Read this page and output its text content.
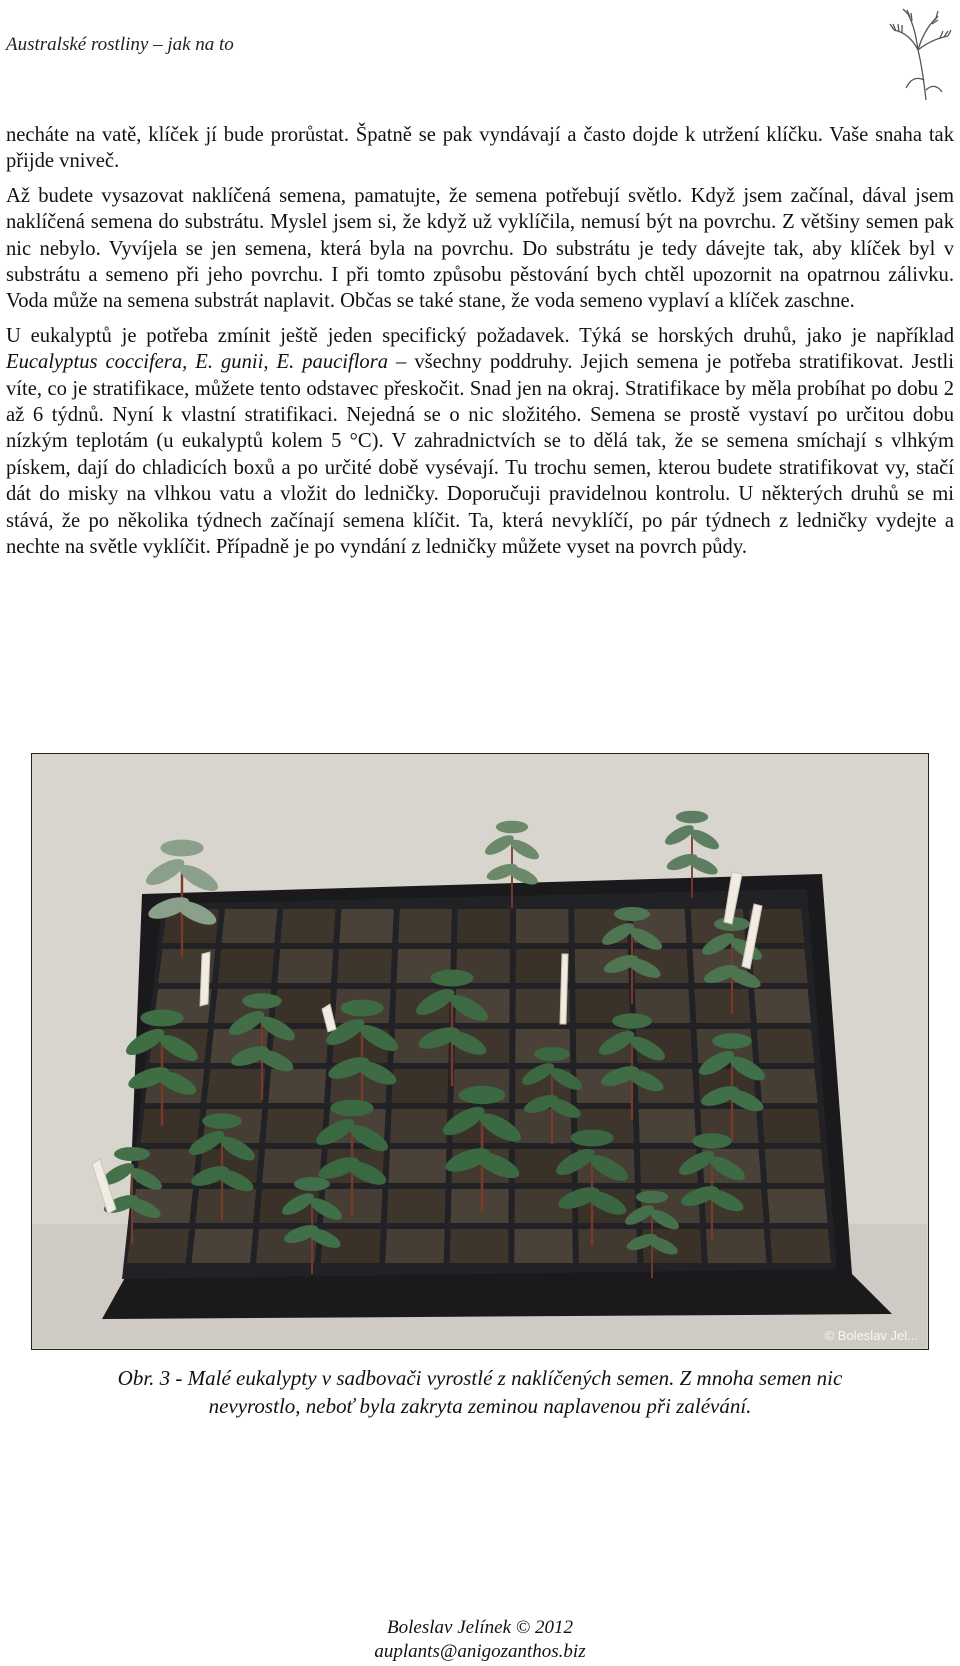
Australské rostliny – jak na to

necháte na vatě, klíček jí bude prorůstat. Špatně se pak vyndávají a často dojde k utržení klíčku. Vaše snaha tak přijde vniveč.

Až budete vysazovat naklíčená semena, pamatujte, že semena potřebují světlo. Když jsem začínal, dával jsem naklíčená semena do substrátu. Myslel jsem si, že když už vyklíčila, nemusí být na povrchu. Z většiny semen pak nic nebylo. Vyvíjela se jen semena, která byla na povrchu. Do substrátu je tedy dávejte tak, aby klíček byl v substrátu a semeno při jeho povrchu. I při tomto způsobu pěstování bych chtěl upozornit na opatrnou zálivku. Voda může na semena substrát naplavit. Občas se také stane, že voda semeno vyplaví a klíček zaschne.

U eukalyptů je potřeba zmínit ještě jeden specifický požadavek. Týká se horských druhů, jako je například Eucalyptus coccifera, E. gunii, E. pauciflora – všechny poddruhy. Jejich semena je potřeba stratifikovat. Jestli víte, co je stratifikace, můžete tento odstavec přeskočit. Snad jen na okraj. Stratifikace by měla probíhat po dobu 2 až 6 týdnů. Nyní k vlastní stratifikaci. Nejedná se o nic složitého. Semena se prostě vystaví po určitou dobu nízkým teplotám (u eukalyptů kolem 5 °C). V zahradnictvích se to dělá tak, že se semena smíchají s vlhkým pískem, dají do chladicích boxů a po určité době vysévají. Tu trochu semen, kterou budete stratifikovat vy, stačí dát do misky na vlhkou vatu a vložit do ledničky. Doporučuji pravidelnou kontrolu. U některých druhů se mi stává, že po několika týdnech začínají semena klíčit. Ta, která nevyklíčí, po pár týdnech z ledničky vydejte a nechte na světle vyklíčit. Případně je po vyndání z ledničky můžete vyset na povrch půdy.

© Boleslav Jel...
Obr. 3 - Malé eukalypty v sadbovači vyrostlé z naklíčených semen. Z mnoha semen nic
nevyrostlo, neboť byla zakryta zeminou naplavenou při zalévání.
Boleslav Jelínek © 2012
auplants@anigozanthos.biz
